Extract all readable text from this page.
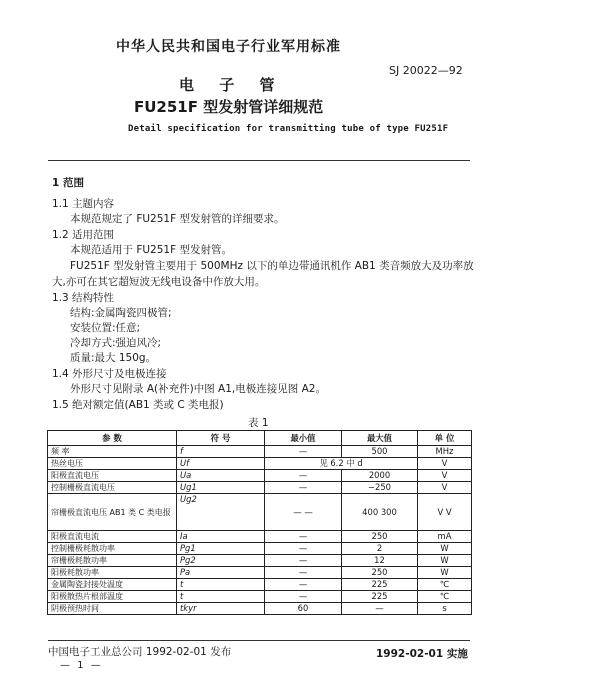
中华人民共和国电子行业军用标准
SJ 20022—92
电 子 管
FU251F 型发射管详细规范
Detail specification for transmitting tube of type FU251F
1 范围
1.1 主题内容
本规范规定了 FU251F 型发射管的详细要求。
1.2 适用范围
本规范适用于 FU251F 型发射管。
FU251F 型发射管主要用于 500MHz 以下的单边带通讯机作 AB1 类音频放大及功率放
大,亦可在其它超短波无线电设备中作放大用。
1.3 结构特性
结构:金属陶瓷四极管;
安装位置:任意;
冷却方式:强迫风冷;
质量:最大 150g。
1.4 外形尺寸及电极连接
外形尺寸见附录 A(补充件)中图 A1,电极连接见图 A2。
1.5 绝对额定值(AB1 类或 C 类电报)
表 1
参 数	符 号	最小值	最大值	单 位
频 率	f	—	500	MHz
热丝电压	Uf	见 6.2 中 d		V
阳极直流电压	Ua	—	2000	V
控制栅极直流电压	Ug1	—	−250	V
帘栅极直流电压 AB1 类 C 类电报	Ug2	— —	400 300	V V
阳极直流电流	Ia	—	250	mA
控制栅极耗散功率	Pg1	—	2	W
帘栅极耗散功率	Pg2	—	12	W
阳极耗散功率	Pa	—	250	W
金属陶瓷封接处温度	t	—	225	℃
阳极散热片根部温度	t	—	225	℃
阴极预热时间	tkyr	60	—	s
中国电子工业总公司 1992-02-01 发布	1992-02-01 实施
— 1 —
